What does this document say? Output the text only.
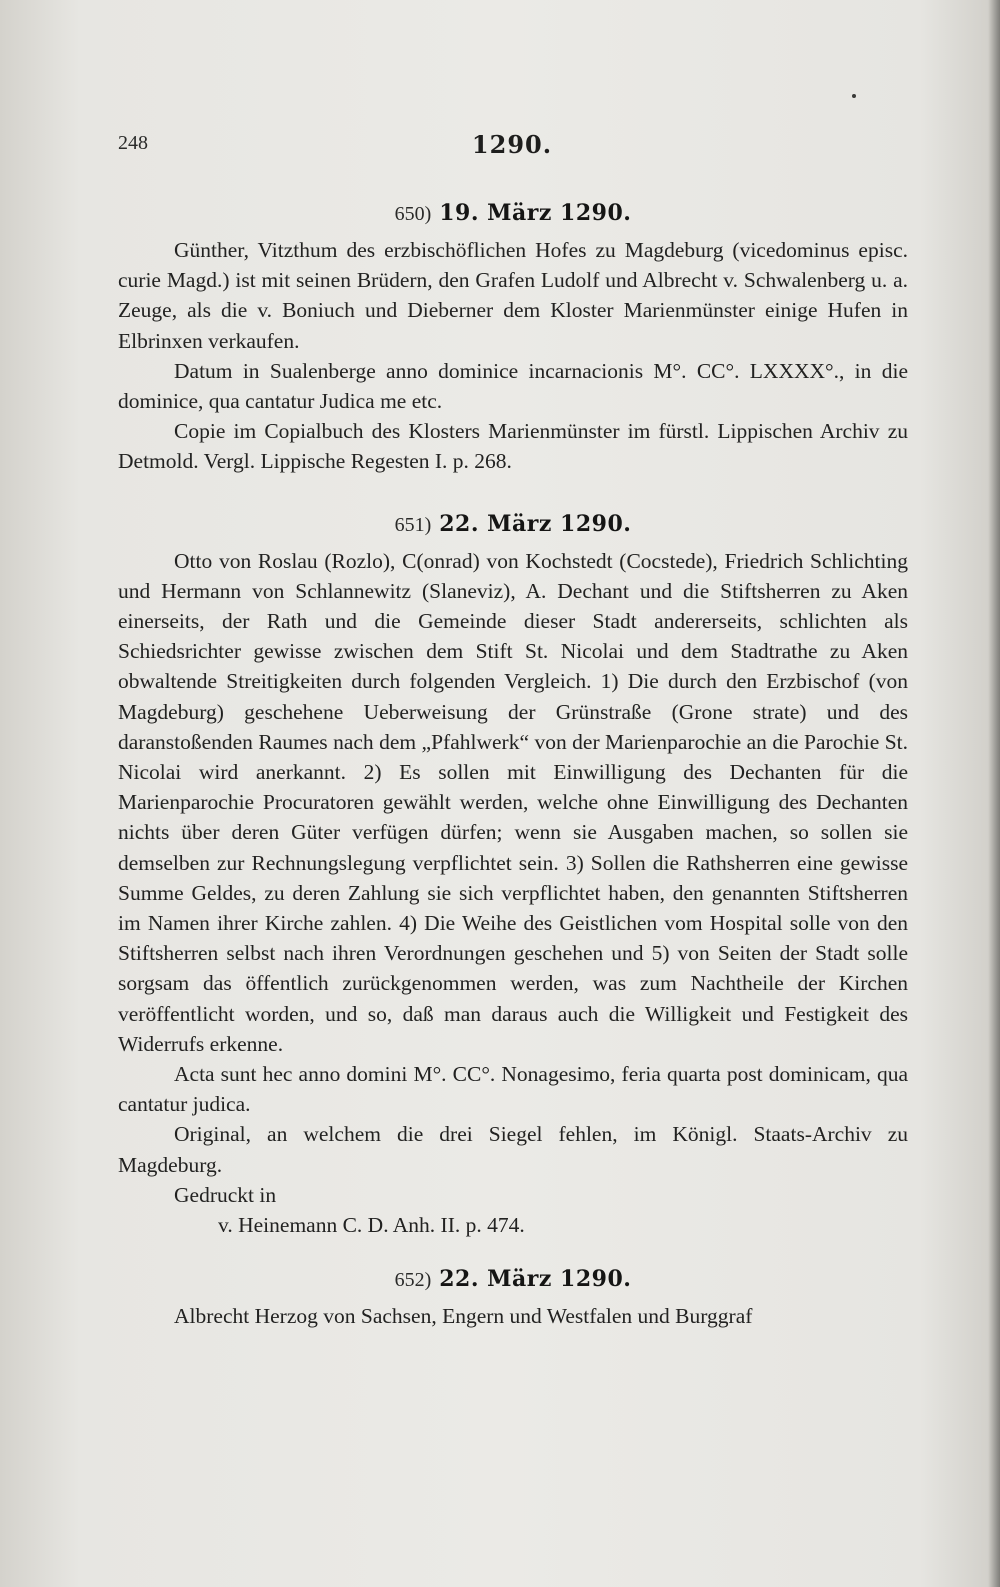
248	1290.
650) 19. März 1290.

Günther, Vitzthum des erzbischöflichen Hofes zu Magdeburg (vicedominus episc. curie Magd.) ist mit seinen Brüdern, den Grafen Ludolf und Albrecht v. Schwalenberg u. a. Zeuge, als die v. Boniuch und Dieberner dem Kloster Marienmünster einige Hufen in Elbrinxen verkaufen.

Datum in Sualenberge anno dominice incarnacionis M°. CC°. LXXXX°., in die dominice, qua cantatur Judica me etc.

Copie im Copialbuch des Klosters Marienmünster im fürstl. Lippischen Archiv zu Detmold. Vergl. Lippische Regesten I. p. 268.

651) 22. März 1290.

Otto von Roslau (Rozlo), C(onrad) von Kochstedt (Cocstede), Friedrich Schlichting und Hermann von Schlannewitz (Slaneviz), A. Dechant und die Stiftsherren zu Aken einerseits, der Rath und die Gemeinde dieser Stadt andererseits, schlichten als Schiedsrichter gewisse zwischen dem Stift St. Nicolai und dem Stadtrathe zu Aken obwaltende Streitigkeiten durch folgenden Vergleich. 1) Die durch den Erzbischof (von Magdeburg) geschehene Ueberweisung der Grünstraße (Grone strate) und des daranstoßenden Raumes nach dem „Pfahlwerk“ von der Marienparochie an die Parochie St. Nicolai wird anerkannt. 2) Es sollen mit Einwilligung des Dechanten für die Marienparochie Procuratoren gewählt werden, welche ohne Einwilligung des Dechanten nichts über deren Güter verfügen dürfen; wenn sie Ausgaben machen, so sollen sie demselben zur Rechnungslegung verpflichtet sein. 3) Sollen die Rathsherren eine gewisse Summe Geldes, zu deren Zahlung sie sich verpflichtet haben, den genannten Stiftsherren im Namen ihrer Kirche zahlen. 4) Die Weihe des Geistlichen vom Hospital solle von den Stiftsherren selbst nach ihren Verordnungen geschehen und 5) von Seiten der Stadt solle sorgsam das öffentlich zurückgenommen werden, was zum Nachtheile der Kirchen veröffentlicht worden, und so, daß man daraus auch die Willigkeit und Festigkeit des Widerrufs erkenne.

Acta sunt hec anno domini M°. CC°. Nonagesimo, feria quarta post dominicam, qua cantatur judica.

Original, an welchem die drei Siegel fehlen, im Königl. Staats-Archiv zu Magdeburg.

Gedruckt in

v. Heinemann C. D. Anh. II. p. 474.

652) 22. März 1290.

Albrecht Herzog von Sachsen, Engern und Westfalen und Burggraf
